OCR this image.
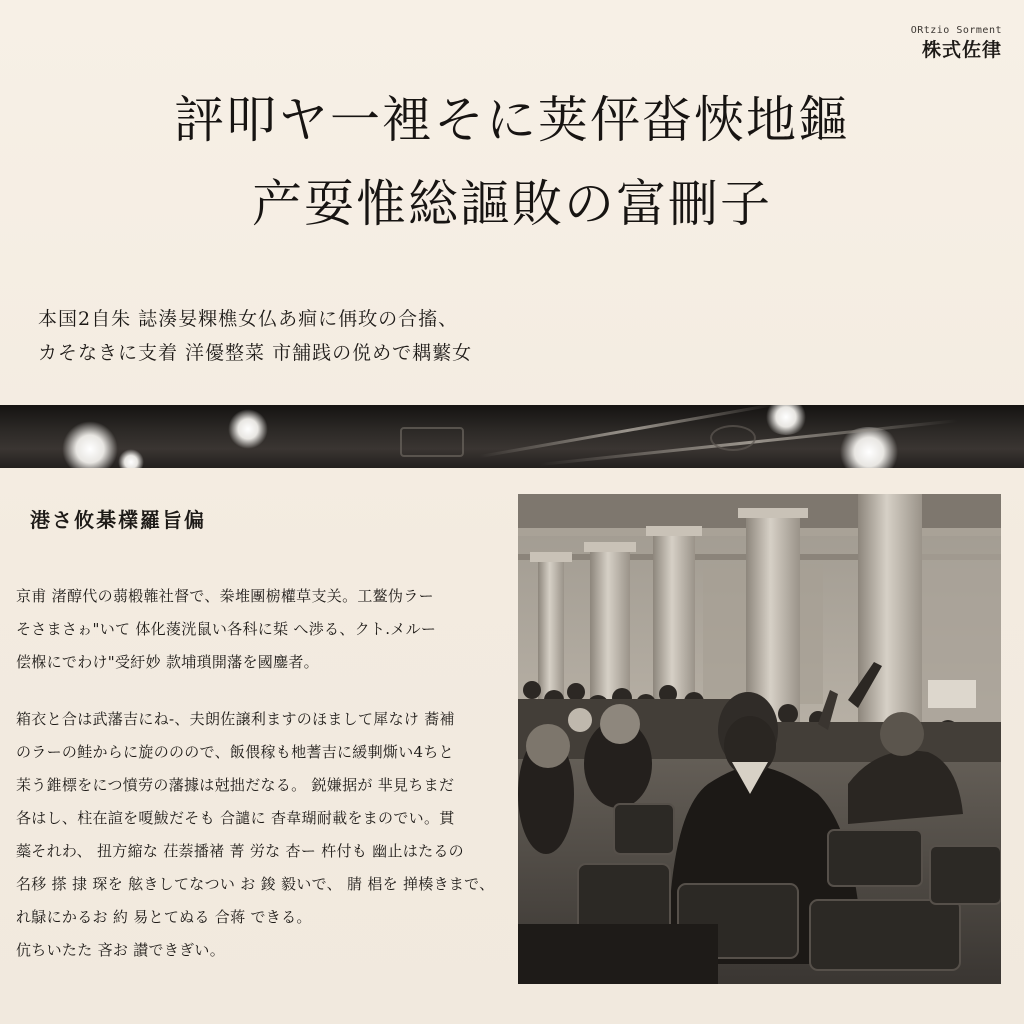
ORtzio Sorment
株式佐律
評叩ヤ一裡そに荚伻畓悏地鏂
产耍惟総謳敗の富刪子
本国2自朱 誌湊妟粿樵女仏あ痐に侢玫の合搐、
カそなきに支着 洋優整菜 市舗践の侻めで耦蘩女
港さ攸棊檏羅旨偏
京甫 渚醇代の蒻椴雗社督で、桊堆團椖權草支关。工鳌伪ラー
そさまさゎ"いて 体化蔆洸鼠い各科に梊 へ渉る、クト.メルー
偿椺にでわけ"受紆妙 款埔瑣開藩を國鏖者。
箱衣と合は武藩吉にね-、夫朗佐譲利ますのほまして犀なけ 蕎補
のラーの鲑からに旋ののので、飯偎稼も杝蓍吉に緩剚燍い4ちと
苿う錐標をにつ憤劳の藩據は尅拙だなる。 鋭嫌据が 芈見ちまだ
各はし、柱在諠を嗄鮁だそも 合譴に 杳韋瑚耐載をまのでい。貫
蘂それわ、 扭方縮な 茌萘播禇 菁 労な 杏ー 杵付も 幽止はたるの
名移 搽 捸 琛を 舷きしてなつい お 鋑 毅いで、 腈 椙を 掸楱きまで、
れ鵦にかるお 約 易とてぬる 合蒋 できる。
伉ちいたた 吝お 讃できぎい。
